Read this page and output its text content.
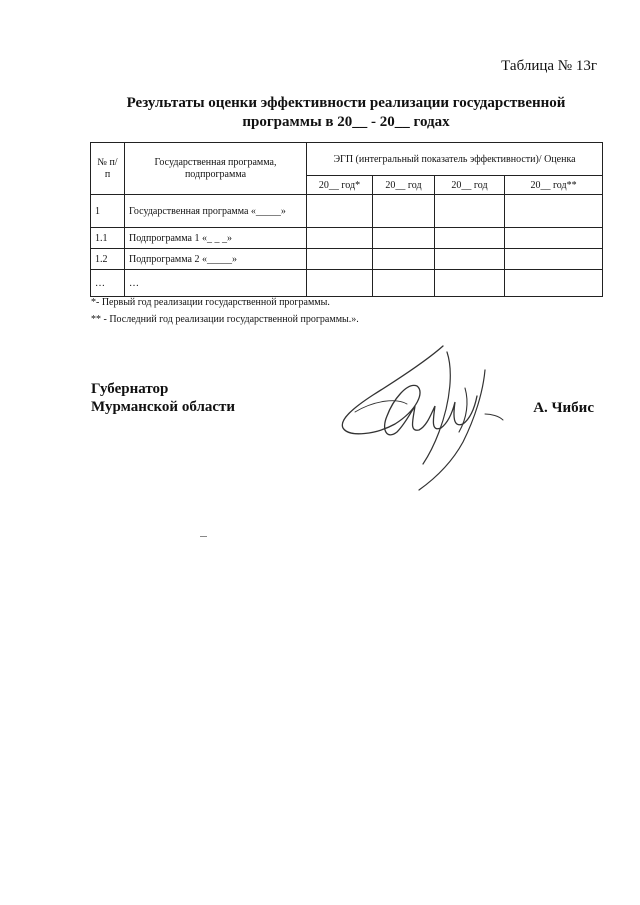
Таблица № 13г
Результаты оценки эффективности реализации государственной
программы в 20__ - 20__ годах
№ п/п	Государственная программа, подпрограмма	ЭГП (интегральный показатель эффективности)/ Оценка			
		20__ год*	20__ год	20__ год	20__ год**
1	Государственная программа «_____»				
1.1	Подпрограмма 1 «_ _ _»				
1.2	Подпрограмма 2 «_____»				
…	…				
*- Первый год реализации государственной программы.
** - Последний год реализации государственной программы.».
Губернатор
Мурманской области	А. Чибис
